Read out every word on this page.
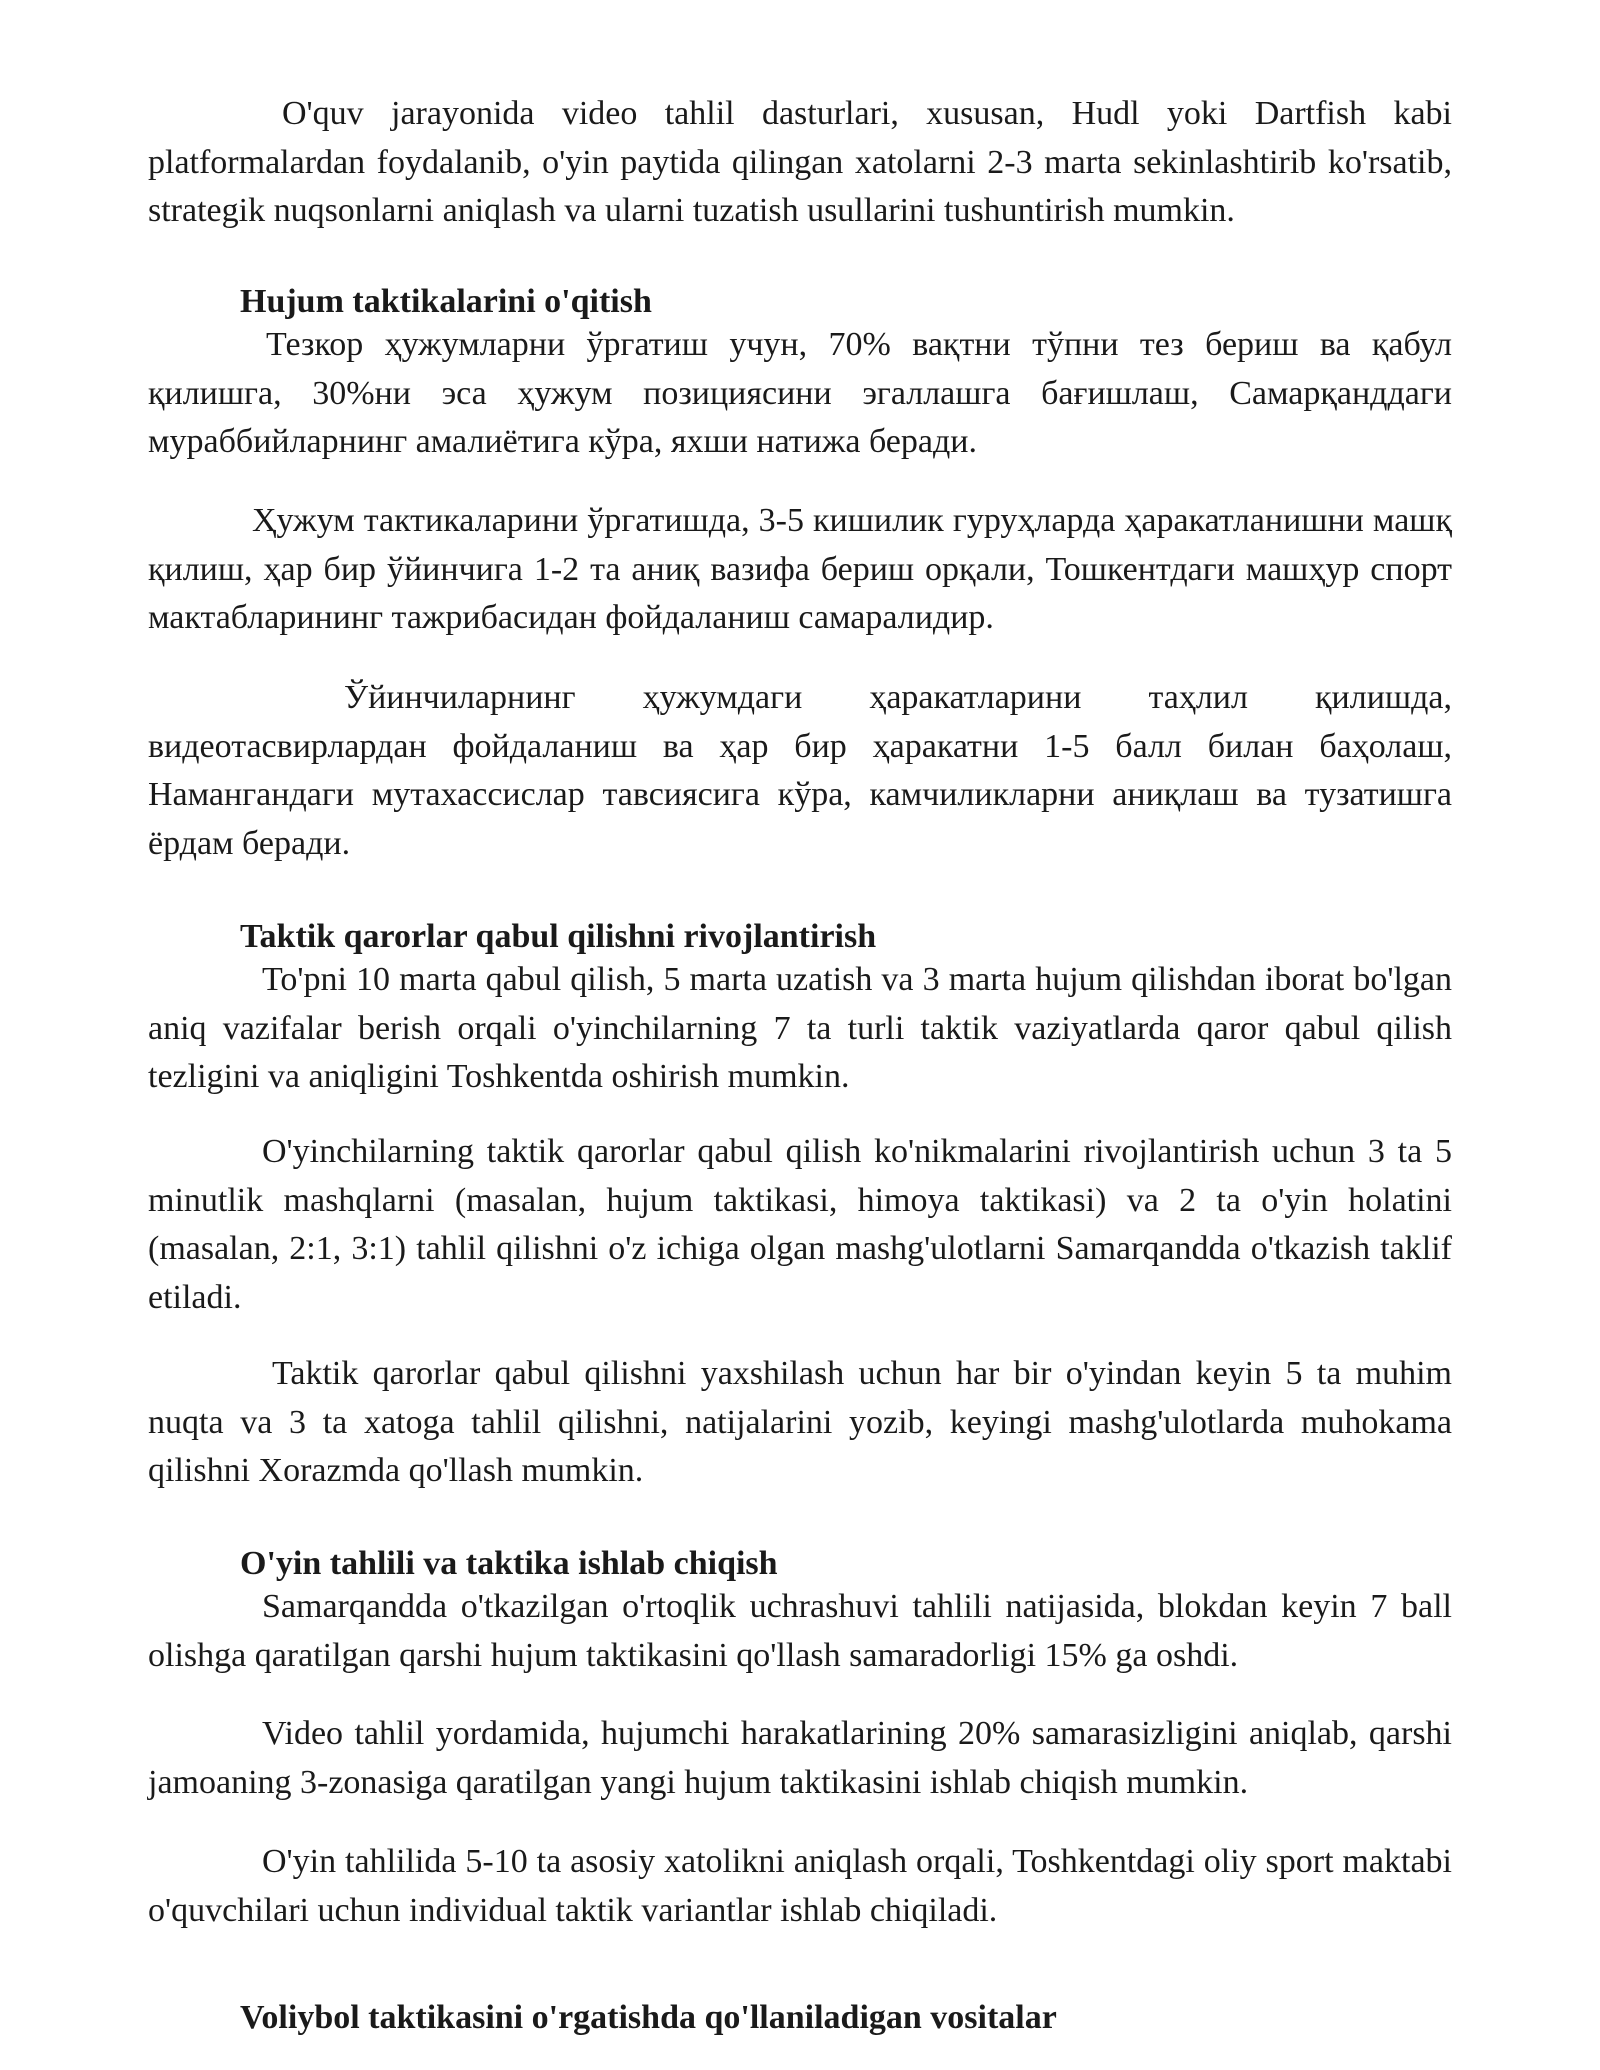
O'quv jarayonida video tahlil dasturlari, xususan, Hudl yoki Dartfish kabi platformalardan foydalanib, o'yin paytida qilingan xatolarni 2-3 marta sekinlashtirib ko'rsatib, strategik nuqsonlarni aniqlash va ularni tuzatish usullarini tushuntirish mumkin.

Hujum taktikalarini o'qitish

Тезкор ҳужумларни ўргатиш учун, 70% вақтни тўпни тез бериш ва қабул қилишга, 30%ни эса ҳужум позициясини эгаллашга бағишлаш, Самарқанддаги мураббийларнинг амалиётига кўра, яхши натижа беради.

Ҳужум тактикаларини ўргатишда, 3-5 кишилик гуруҳларда ҳаракатланишни машқ қилиш, ҳар бир ўйинчига 1-2 та аниқ вазифа бериш орқали, Тошкентдаги машҳур спорт мактабларининг тажрибасидан фойдаланиш самаралидир.

Ўйинчиларнинг ҳужумдаги ҳаракатларини таҳлил қилишда, видеотасвирлардан фойдаланиш ва ҳар бир ҳаракатни 1-5 балл билан баҳолаш, Намангандаги мутахассислар тавсиясига кўра, камчиликларни аниқлаш ва тузатишга ёрдам беради.

Taktik qarorlar qabul qilishni rivojlantirish

To'pni 10 marta qabul qilish, 5 marta uzatish va 3 marta hujum qilishdan iborat bo'lgan aniq vazifalar berish orqali o'yinchilarning 7 ta turli taktik vaziyatlarda qaror qabul qilish tezligini va aniqligini Toshkentda oshirish mumkin.

O'yinchilarning taktik qarorlar qabul qilish ko'nikmalarini rivojlantirish uchun 3 ta 5 minutlik mashqlarni (masalan, hujum taktikasi, himoya taktikasi) va 2 ta o'yin holatini (masalan, 2:1, 3:1) tahlil qilishni o'z ichiga olgan mashg'ulotlarni Samarqandda o'tkazish taklif etiladi.

Taktik qarorlar qabul qilishni yaxshilash uchun har bir o'yindan keyin 5 ta muhim nuqta va 3 ta xatoga tahlil qilishni, natijalarini yozib, keyingi mashg'ulotlarda muhokama qilishni Xorazmda qo'llash mumkin.

O'yin tahlili va taktika ishlab chiqish

Samarqandda o'tkazilgan o'rtoqlik uchrashuvi tahlili natijasida, blokdan keyin 7 ball olishga qaratilgan qarshi hujum taktikasini qo'llash samaradorligi 15% ga oshdi.

Video tahlil yordamida, hujumchi harakatlarining 20% samarasizligini aniqlab, qarshi jamoaning 3-zonasiga qaratilgan yangi hujum taktikasini ishlab chiqish mumkin.

O'yin tahlilida 5-10 ta asosiy xatolikni aniqlash orqali, Toshkentdagi oliy sport maktabi o'quvchilari uchun individual taktik variantlar ishlab chiqiladi.

Voliybol taktikasini o'rgatishda qo'llaniladigan vositalar
